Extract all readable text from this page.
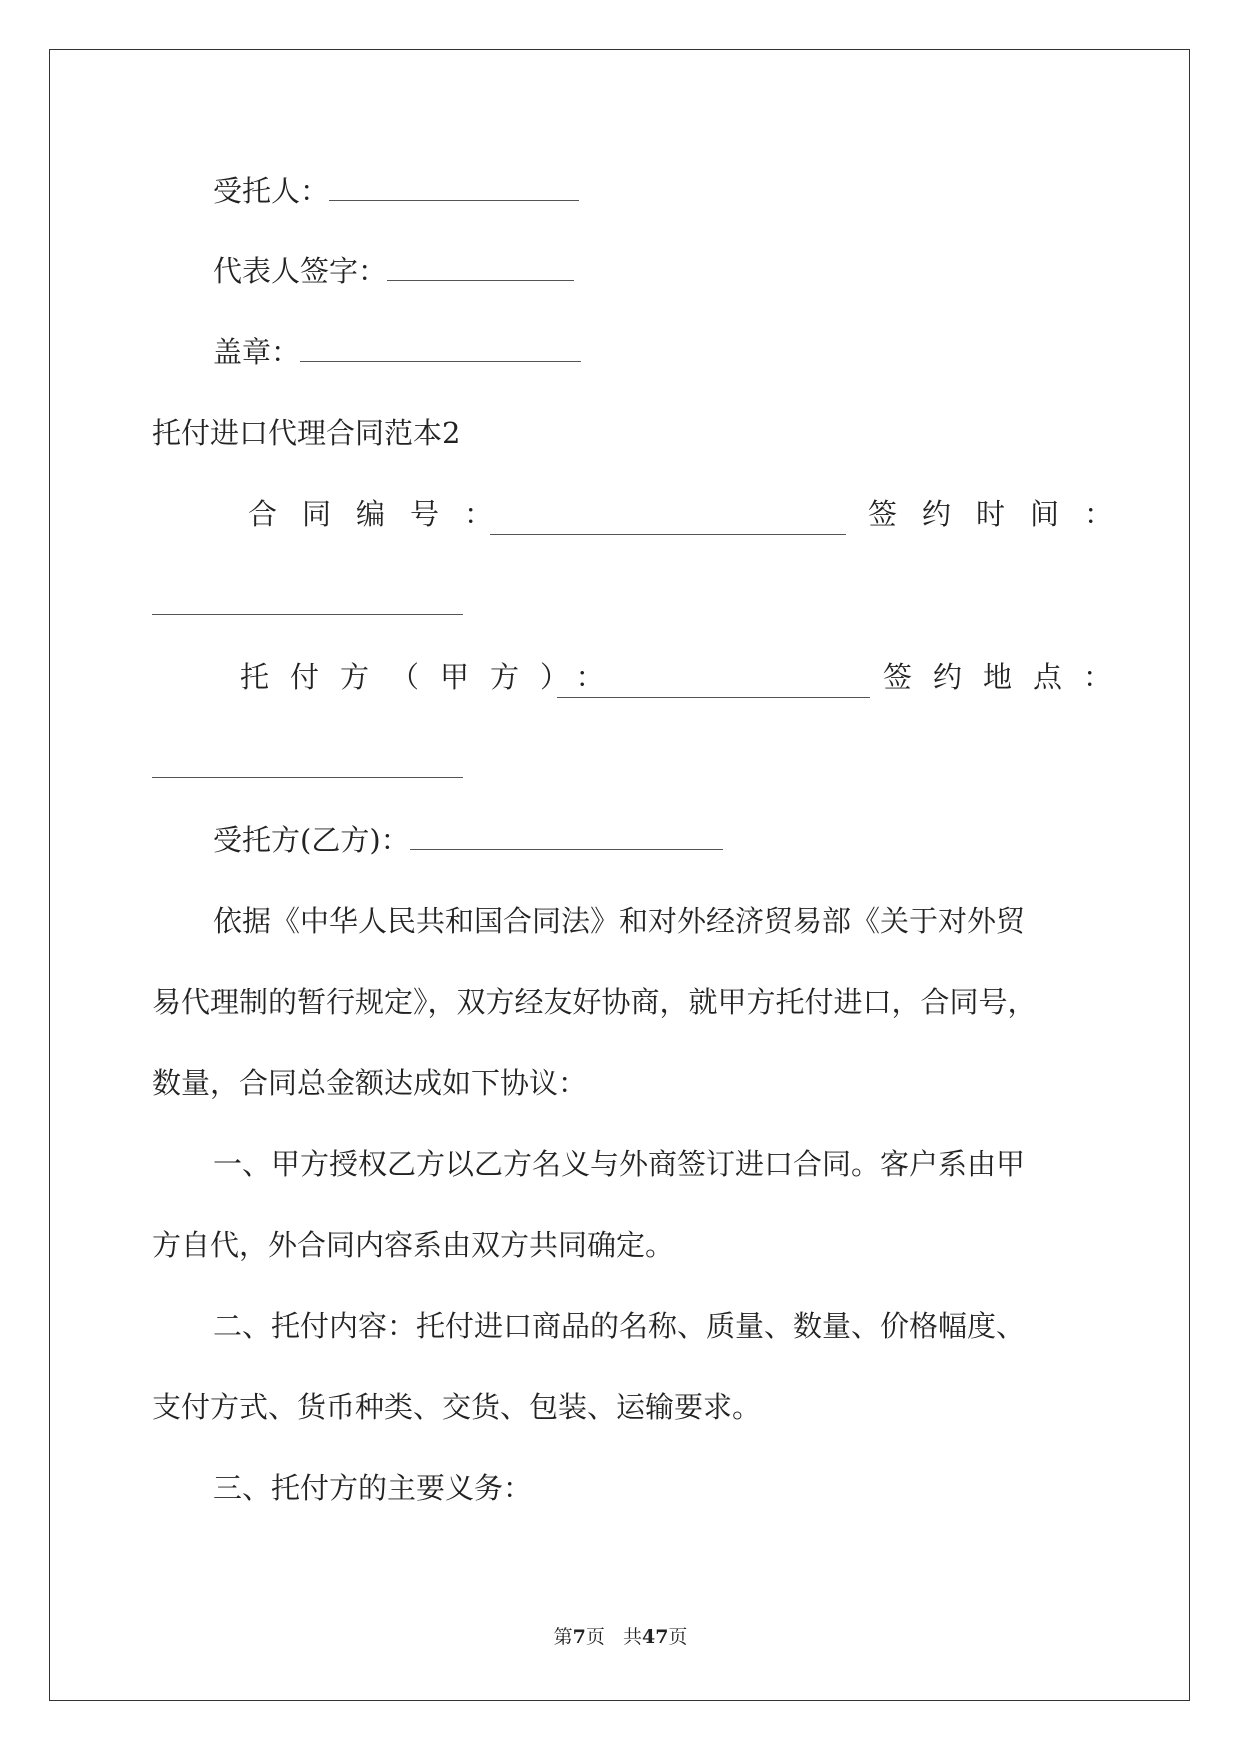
受托人：
代表人签字：
盖章：
托付进口代理合同范本2
合同编号：	签约时间：
托付方（甲方）：	签约地点：
受托方(乙方)：
依据《中华人民共和国合同法》和对外经济贸易部《关于对外贸
易代理制的暂行规定》，双方经友好协商，就甲方托付进口，合同号，
数量，合同总金额达成如下协议：
一、甲方授权乙方以乙方名义与外商签订进口合同。客户系由甲
方自代，外合同内容系由双方共同确定。
二、托付内容：托付进口商品的名称、质量、数量、价格幅度、
支付方式、货币种类、交货、包装、运输要求。
三、托付方的主要义务：
第7页 共47页
